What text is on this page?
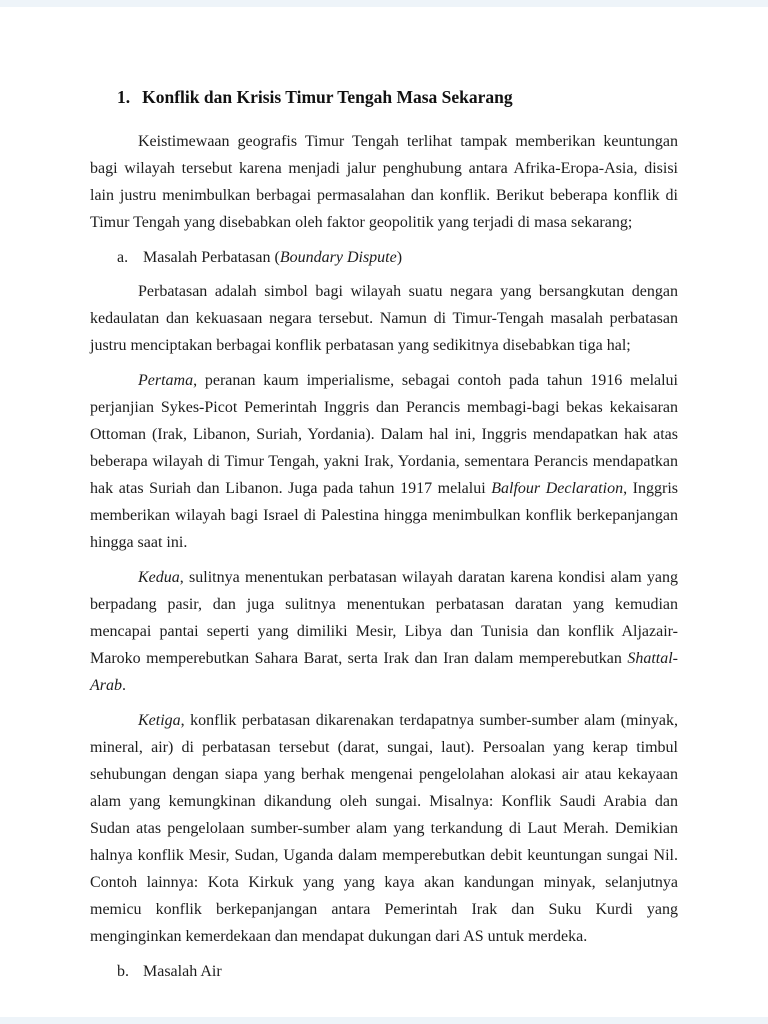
1. Konflik dan Krisis Timur Tengah Masa Sekarang

Keistimewaan geografis Timur Tengah terlihat tampak memberikan keuntungan bagi wilayah tersebut karena menjadi jalur penghubung antara Afrika-Eropa-Asia, disisi lain justru menimbulkan berbagai permasalahan dan konflik. Berikut beberapa konflik di Timur Tengah yang disebabkan oleh faktor geopolitik yang terjadi di masa sekarang;

a. Masalah Perbatasan (Boundary Dispute)

Perbatasan adalah simbol bagi wilayah suatu negara yang bersangkutan dengan kedaulatan dan kekuasaan negara tersebut. Namun di Timur-Tengah masalah perbatasan justru menciptakan berbagai konflik perbatasan yang sedikitnya disebabkan tiga hal;

Pertama, peranan kaum imperialisme, sebagai contoh pada tahun 1916 melalui perjanjian Sykes-Picot Pemerintah Inggris dan Perancis membagi-bagi bekas kekaisaran Ottoman (Irak, Libanon, Suriah, Yordania). Dalam hal ini, Inggris mendapatkan hak atas beberapa wilayah di Timur Tengah, yakni Irak, Yordania, sementara Perancis mendapatkan hak atas Suriah dan Libanon. Juga pada tahun 1917 melalui Balfour Declaration, Inggris memberikan wilayah bagi Israel di Palestina hingga menimbulkan konflik berkepanjangan hingga saat ini.

Kedua, sulitnya menentukan perbatasan wilayah daratan karena kondisi alam yang berpadang pasir, dan juga sulitnya menentukan perbatasan daratan yang kemudian mencapai pantai seperti yang dimiliki Mesir, Libya dan Tunisia dan konflik Aljazair-Maroko memperebutkan Sahara Barat, serta Irak dan Iran dalam memperebutkan Shattal-Arab.

Ketiga, konflik perbatasan dikarenakan terdapatnya sumber-sumber alam (minyak, mineral, air) di perbatasan tersebut (darat, sungai, laut). Persoalan yang kerap timbul sehubungan dengan siapa yang berhak mengenai pengelolahan alokasi air atau kekayaan alam yang kemungkinan dikandung oleh sungai. Misalnya: Konflik Saudi Arabia dan Sudan atas pengelolaan sumber-sumber alam yang terkandung di Laut Merah. Demikian halnya konflik Mesir, Sudan, Uganda dalam memperebutkan debit keuntungan sungai Nil. Contoh lainnya: Kota Kirkuk yang yang kaya akan kandungan minyak, selanjutnya memicu konflik berkepanjangan antara Pemerintah Irak dan Suku Kurdi yang menginginkan kemerdekaan dan mendapat dukungan dari AS untuk merdeka.

b. Masalah Air
